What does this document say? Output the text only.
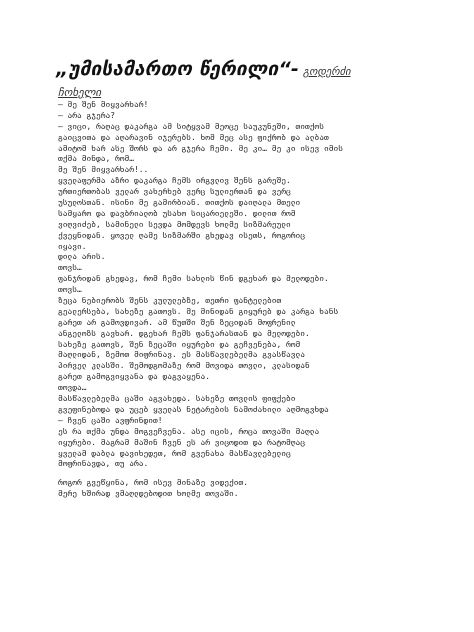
„უმისამართო წერილი“- გოდერძი
ჩოხელი
– მე შენ მიყვარხარ!
– არა გჯერა?
– ვიცი, რაღაც დაკარგა ამ სიტყვამ მეოცე საუკუნეში, თითქოს
გაიცვითა და აღარავინ იჯერებს. ხომ მეც ასე ფიქრობ და ალბათ
ამიტომ ხარ ასე შორს და არ გჯერა ჩემი. მე კი… მე კი ისევ იმის
თქმა მინდა, რომ…
მე შენ მიყვარხარ!..
ყველაფერმა აზრი დაკარგა ჩემს ირგვლივ შენს გარეშე.
ურთიერთობას ველარ ვახერხებ ვერც სულიერთან და ვერც
უსულოსთან. ისინი მე გამირბიან. თითქოს დაიღალა მთელი
სამყარო და დავბრიალობ უსახო სიცარიელეში. დილით რომ
ვიღვიძებ, სამინელი სევდა მომდევს ხოლმე სიზმარეული
ქვეყნიდან. ყოველ ღამე სიზმარში გხედავ ისეთს, როგორიც
იყავი.
დილა არის.
თოვს…
ფანჯრიდან გხედავ, რომ ჩემი სახლის წინ დგეხარ და მელოდები.
თოვს…
ზეცა ნებიერობს შენს კულულებზე, თეთრი ფანტელებით
გეალერსება, სახეზე გათოვს. მე მინიდან გიყურებ და კარგა ხანს
გარეთ არ გამოვდივარ. ამ წუთში შენ ზეციდან მოფრენილ
ანგელოზს გავხარ. დგეხარ ჩემს ფანჯარასთან და მელოდები.
სახეზე გათოვს, შენ ზეცაში იყურები და გეჩვენება, რომ
მაღლიდან, ზემოთ მიფრინავ. ეს მასწავლებელმა გვასწავლა
პირველ კლასში. შემოდგომაზე რომ მოვიდა თოვლი, კლასიდან
გარეთ გამოგვიყვანა და დაგვაყენა.
თოვდა…
მასწავლებელმა ცაში აგვახედა. სახეზე თოვლის ფიფქები
გვეფინებოდა და უცებ ყველას ნეტარების ნამოძახილი აღმოგვხდა
– ჩვენ ცაში ავფრინდით!
ეს რა თქმა უნდა მოგვეჩვენა. ასე იცის, როცა თოვაში მაღლა
იყურები. მაგრამ მაშინ ჩვენ ეს არ ვიცოდით და რატომღაც
ყველამ დაბლა დავიხედეთ, რომ გვენახა მასწავლებელიც
მოფრინავდა, თუ არა.
როგორ გვეწყინა, რომ ისევ მინაზე ვიდექით.
მერე ხშირად ვმაღლდებოდით ხოლმე თოვაში.
